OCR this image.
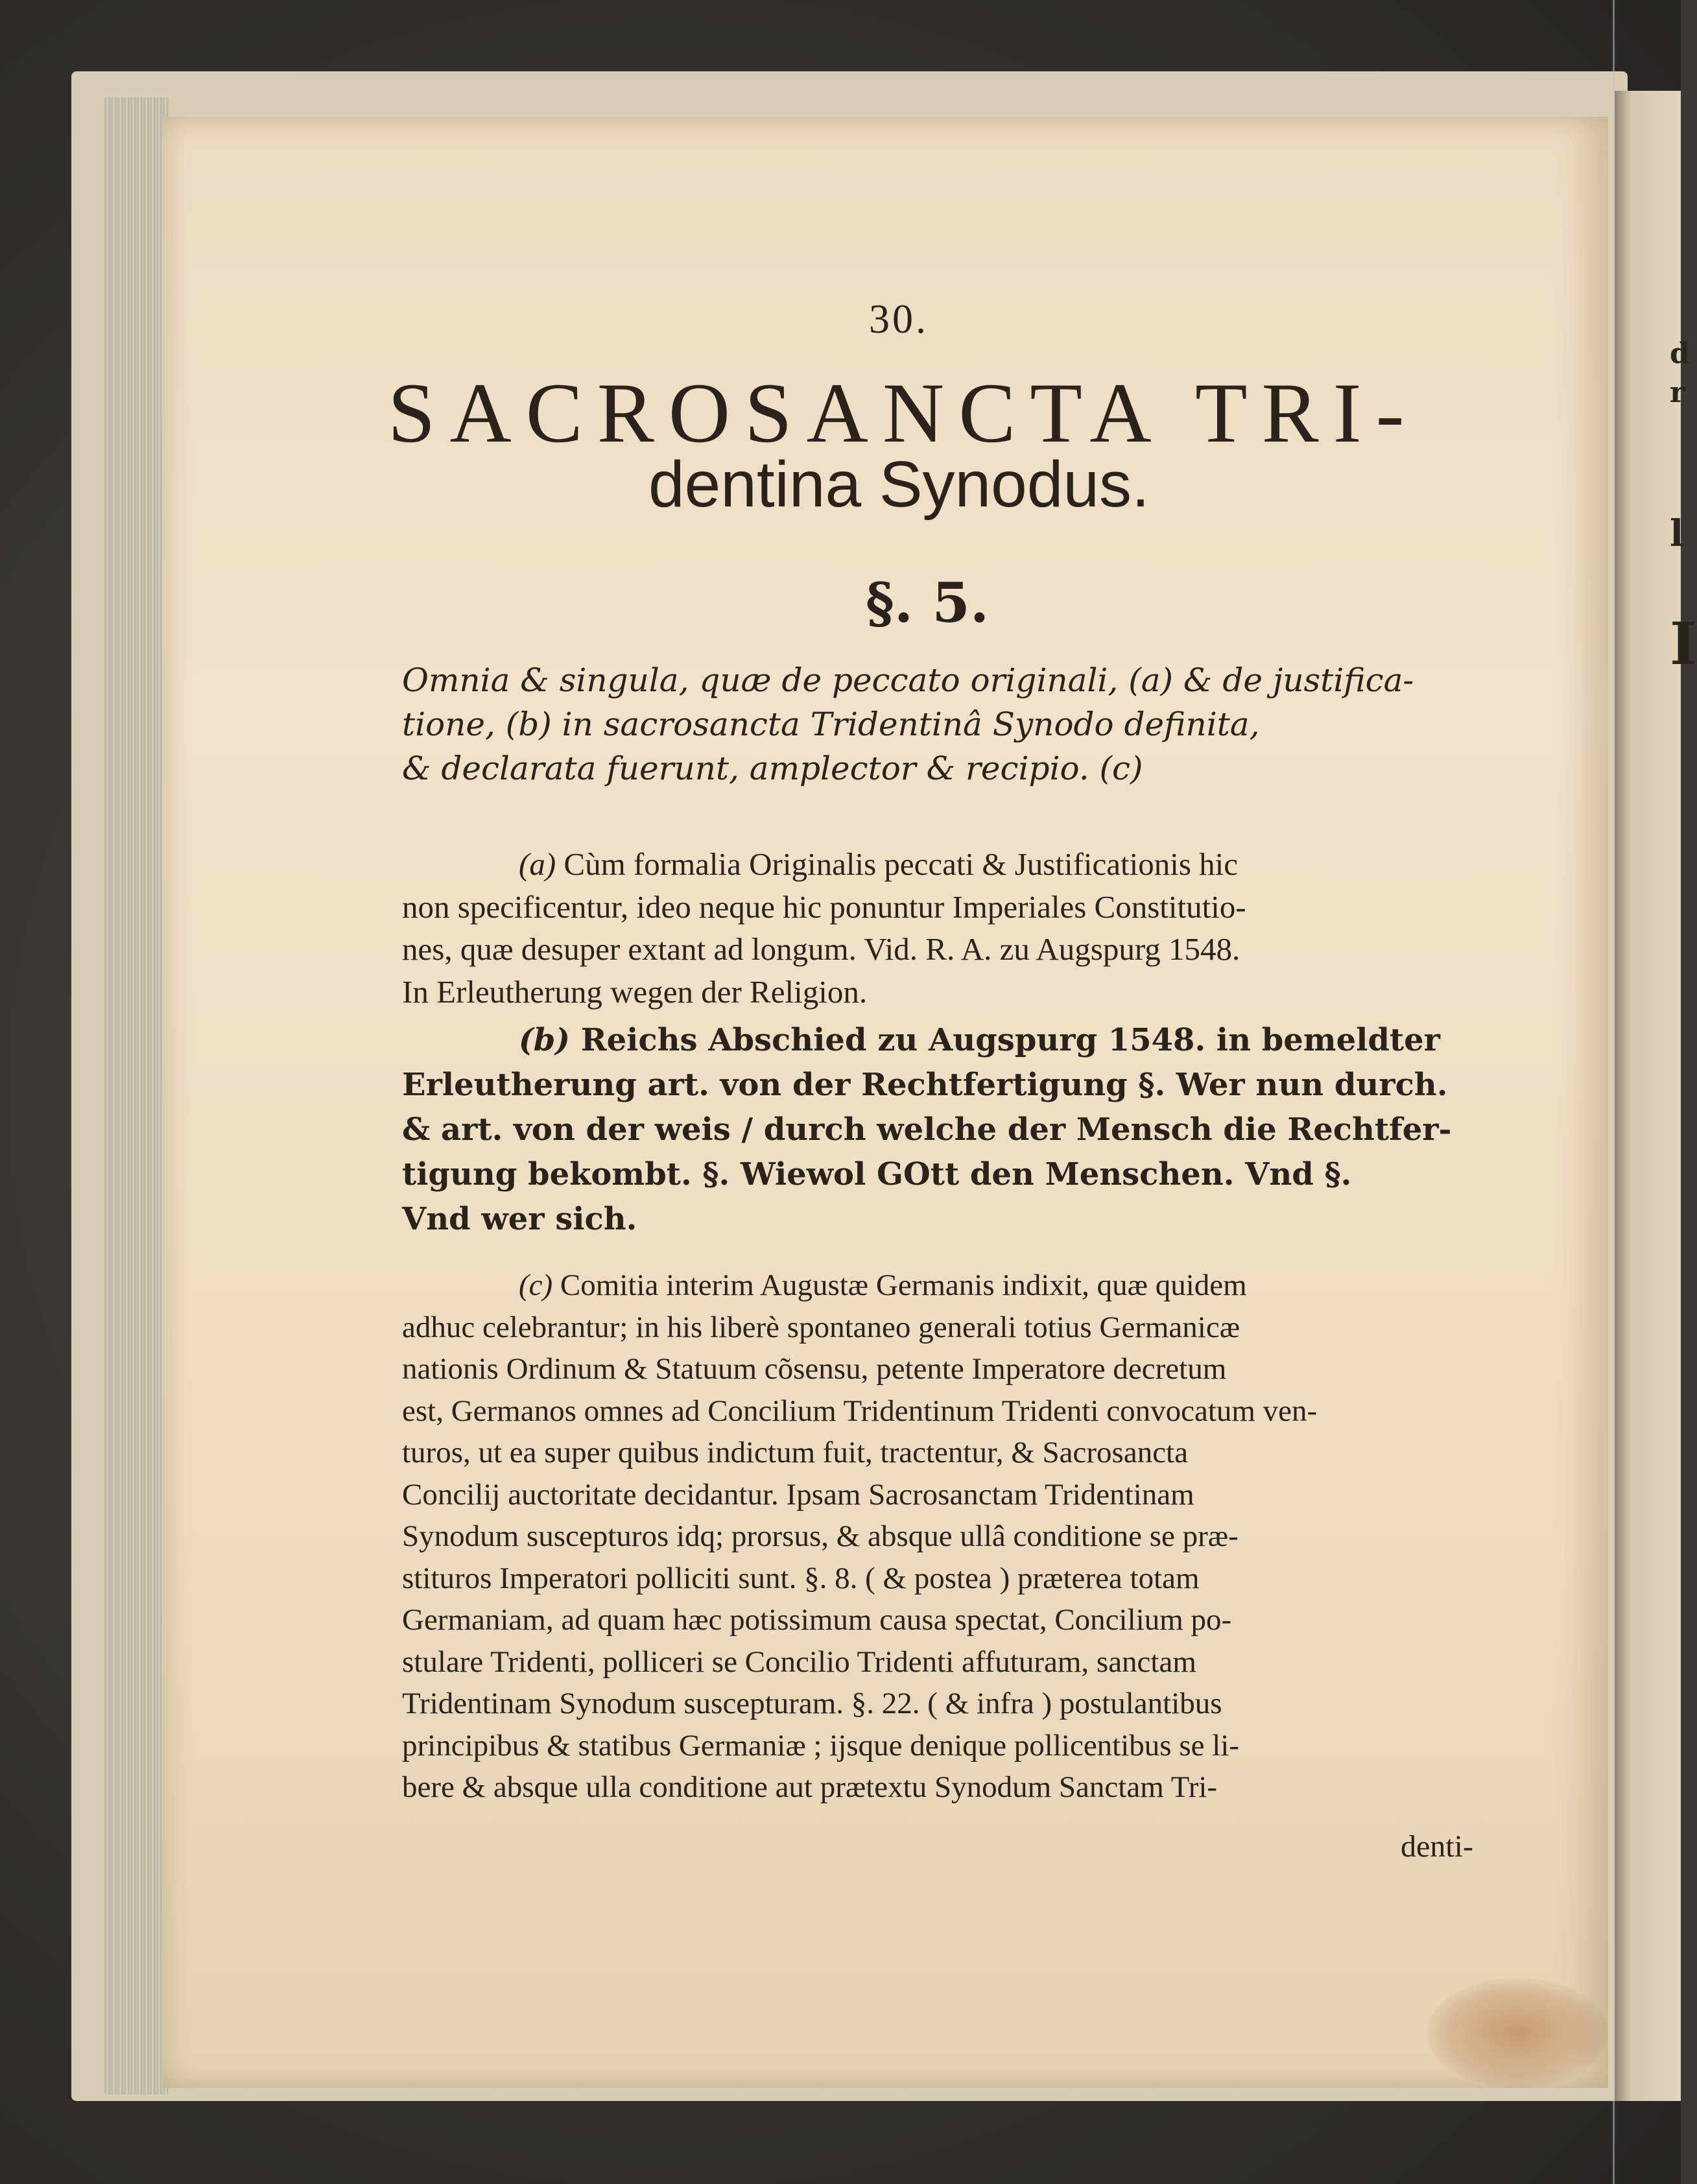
d
r
l
I
30.
SACROSANCTA TRI-
dentina Synodus.
§. 5.
Omnia & singula, quæ de peccato originali, (a) & de justifica-
tione, (b) in sacrosancta Tridentinâ Synodo definita,
& declarata fuerunt, amplector & recipio. (c)
(a) Cùm formalia Originalis peccati & Justificationis hic
non specificentur, ideo neque hic ponuntur Imperiales Constitutio-
nes, quæ desuper extant ad longum. Vid. R. A. zu Augspurg 1548.
In Erleutherung wegen der Religion.
(b) Reichs Abschied zu Augspurg 1548. in bemeldter
Erleutherung art. von der Rechtfertigung §. Wer nun durch.
& art. von der weis / durch welche der Mensch die Rechtfer-
tigung bekombt. §. Wiewol GOtt den Menschen. Vnd §.
Vnd wer sich.
(c) Comitia interim Augustæ Germanis indixit, quæ quidem
adhuc celebrantur; in his liberè spontaneo generali totius Germanicæ
nationis Ordinum & Statuum cõsensu, petente Imperatore decretum
est, Germanos omnes ad Concilium Tridentinum Tridenti convocatum ven-
turos, ut ea super quibus indictum fuit, tractentur, & Sacrosancta
Concilij auctoritate decidantur. Ipsam Sacrosanctam Tridentinam
Synodum suscepturos idq; prorsus, & absque ullâ conditione se præ-
stituros Imperatori polliciti sunt. §. 8. ( & postea ) præterea totam
Germaniam, ad quam hæc potissimum causa spectat, Concilium po-
stulare Tridenti, polliceri se Concilio Tridenti affuturam, sanctam
Tridentinam Synodum suscepturam. §. 22. ( & infra ) postulantibus
principibus & statibus Germaniæ ; ijsque denique pollicentibus se li-
bere & absque ulla conditione aut prætextu Synodum Sanctam Tri-
denti-
